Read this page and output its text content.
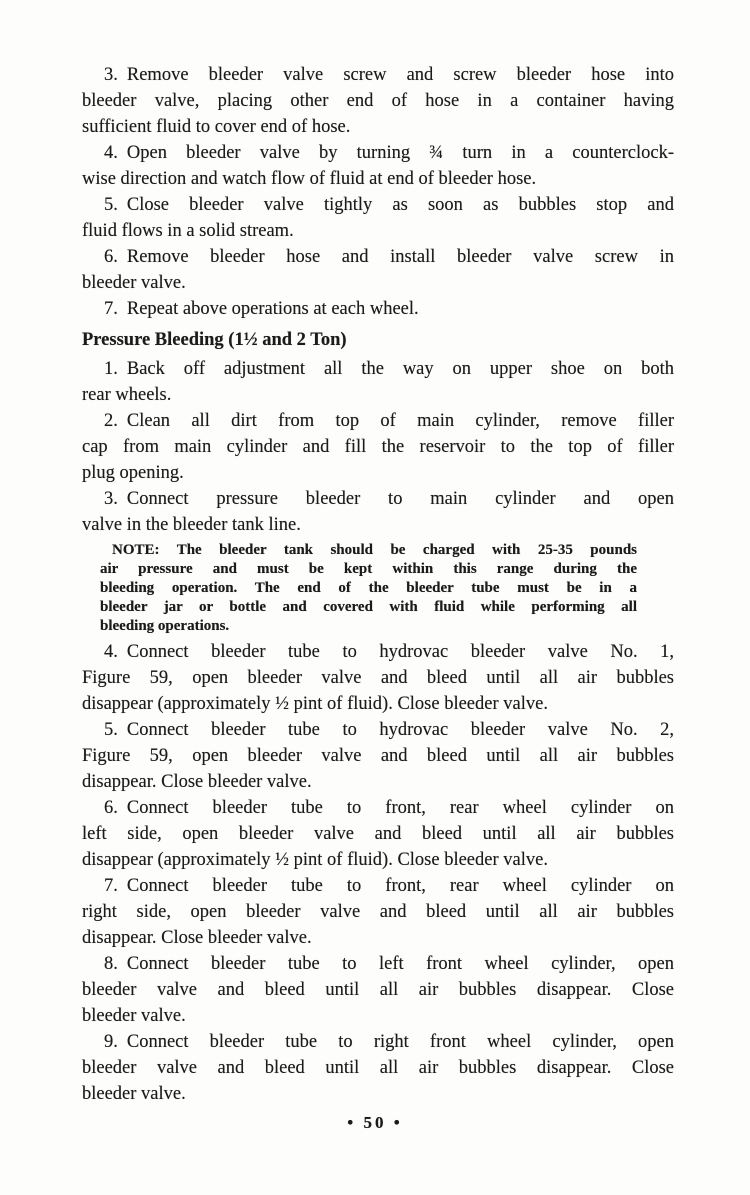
3. Remove bleeder valve screw and screw bleeder hose into
bleeder valve, placing other end of hose in a container having
sufficient fluid to cover end of hose.
4. Open bleeder valve by turning ¾ turn in a counterclock-
wise direction and watch flow of fluid at end of bleeder hose.
5. Close bleeder valve tightly as soon as bubbles stop and
fluid flows in a solid stream.
6. Remove bleeder hose and install bleeder valve screw in
bleeder valve.
7. Repeat above operations at each wheel.
Pressure Bleeding (1½ and 2 Ton)
1. Back off adjustment all the way on upper shoe on both
rear wheels.
2. Clean all dirt from top of main cylinder, remove filler
cap from main cylinder and fill the reservoir to the top of filler
plug opening.
3. Connect pressure bleeder to main cylinder and open
valve in the bleeder tank line.
NOTE: The bleeder tank should be charged with 25-35 pounds
air pressure and must be kept within this range during the
bleeding operation. The end of the bleeder tube must be in a
bleeder jar or bottle and covered with fluid while performing all
bleeding operations.
4. Connect bleeder tube to hydrovac bleeder valve No. 1,
Figure 59, open bleeder valve and bleed until all air bubbles
disappear (approximately ½ pint of fluid). Close bleeder valve.
5. Connect bleeder tube to hydrovac bleeder valve No. 2,
Figure 59, open bleeder valve and bleed until all air bubbles
disappear. Close bleeder valve.
6. Connect bleeder tube to front, rear wheel cylinder on
left side, open bleeder valve and bleed until all air bubbles
disappear (approximately ½ pint of fluid). Close bleeder valve.
7. Connect bleeder tube to front, rear wheel cylinder on
right side, open bleeder valve and bleed until all air bubbles
disappear. Close bleeder valve.
8. Connect bleeder tube to left front wheel cylinder, open
bleeder valve and bleed until all air bubbles disappear. Close
bleeder valve.
9. Connect bleeder tube to right front wheel cylinder, open
bleeder valve and bleed until all air bubbles disappear. Close
bleeder valve.
• 50 •
